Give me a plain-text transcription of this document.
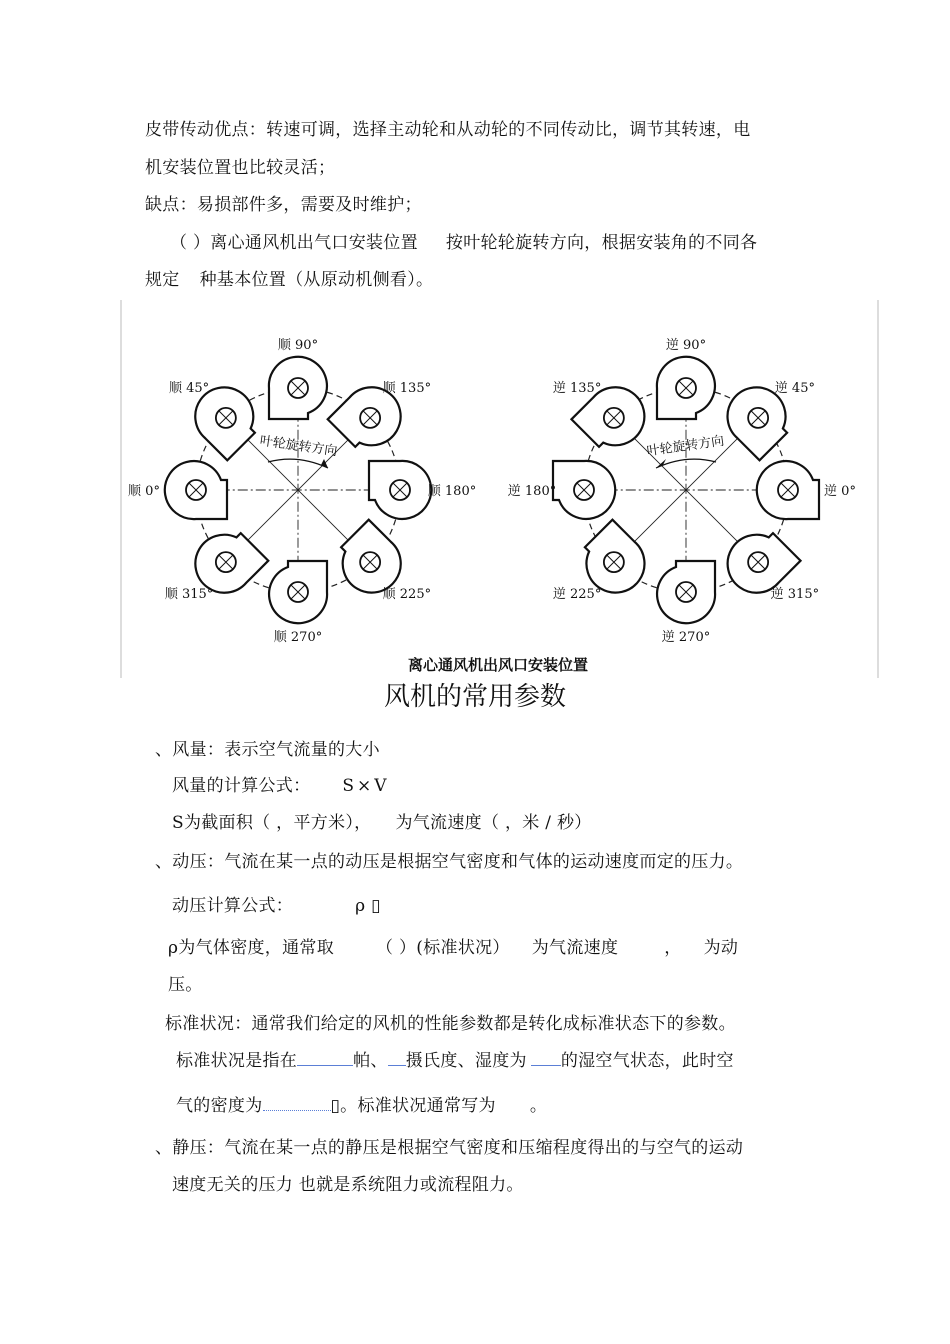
皮带传动优点：转速可调，选择主动轮和从动轮的不同传动比，调节其转速，电
机安装位置也比较灵活；
缺点：易损部件多，需要及时维护；
（ ）离心通风机出气口安装位置 按叶轮轮旋转方向，根据安装角的不同各
规定 种基本位置（从原动机侧看）。
顺 90°
顺 135°
顺 180°
顺 225°
顺 270°
顺 315°
顺 0°
顺 45°
叶轮旋转方向
逆 90°
逆 45°
逆 0°
逆 315°
逆 270°
逆 225°
逆 180°
逆 135°
叶轮旋转方向
离心通风机出风口安装位置
风机的常用参数
、风量：表示空气流量的大小
风量的计算公式： S×V
S为截面积（ ，平方米）， 为气流速度（ ，米 / 秒）
、动压：气流在某一点的动压是根据空气密度和气体的运动速度而定的压力。
动压计算公式：	ρ ▯
ρ为气体密度，通常取 （ ）(标准状况） 为气流速度	， 为动
压。
标准状况：通常我们给定的风机的性能参数都是转化成标准状态下的参数。
标准状况是指在	帕、 摄氏度、湿度为 的湿空气状态，此时空
气的密度为	▯。标准状况通常写为 。
、静压：气流在某一点的静压是根据空气密度和压缩程度得出的与空气的运动
速度无关的压力 也就是系统阻力或流程阻力。
